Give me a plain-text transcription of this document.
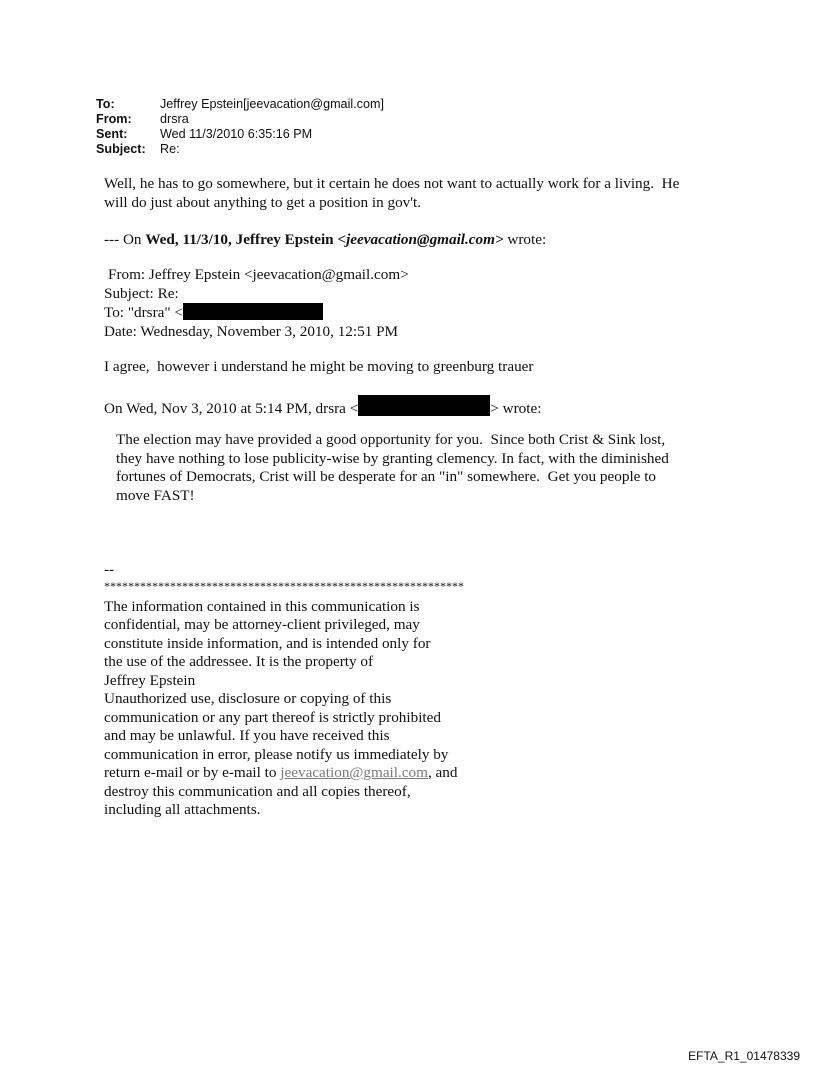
To:	Jeffrey Epstein[jeevacation@gmail.com]
From: drsra
Sent:	Wed 11/3/2010 6:35:16 PM
Subject: Re:
Well, he has to go somewhere, but it certain he does not want to actually work for a living.  He
will do just about anything to get a position in gov't.
--- On Wed, 11/3/10, Jeffrey Epstein <jeevacation@gmail.com> wrote:
From: Jeffrey Epstein <jeevacation@gmail.com>
Subject: Re:
To: "drsra" <
Date: Wednesday, November 3, 2010, 12:51 PM
I agree,  however i understand he might be moving to greenburg trauer
On Wed, Nov 3, 2010 at 5:14 PM, drsra <	> wrote:
The election may have provided a good opportunity for you.  Since both Crist & Sink lost,
they have nothing to lose publicity-wise by granting clemency. In fact, with the diminished
fortunes of Democrats, Crist will be desperate for an "in" somewhere.  Get you people to
move FAST!
--
************************************************************
The information contained in this communication is
confidential, may be attorney-client privileged, may
constitute inside information, and is intended only for
the use of the addressee. It is the property of
Jeffrey Epstein
Unauthorized use, disclosure or copying of this
communication or any part thereof is strictly prohibited
and may be unlawful. If you have received this
communication in error, please notify us immediately by
return e-mail or by e-mail to jeevacation@gmail.com, and
destroy this communication and all copies thereof,
including all attachments.
EFTA_R1_01478339
